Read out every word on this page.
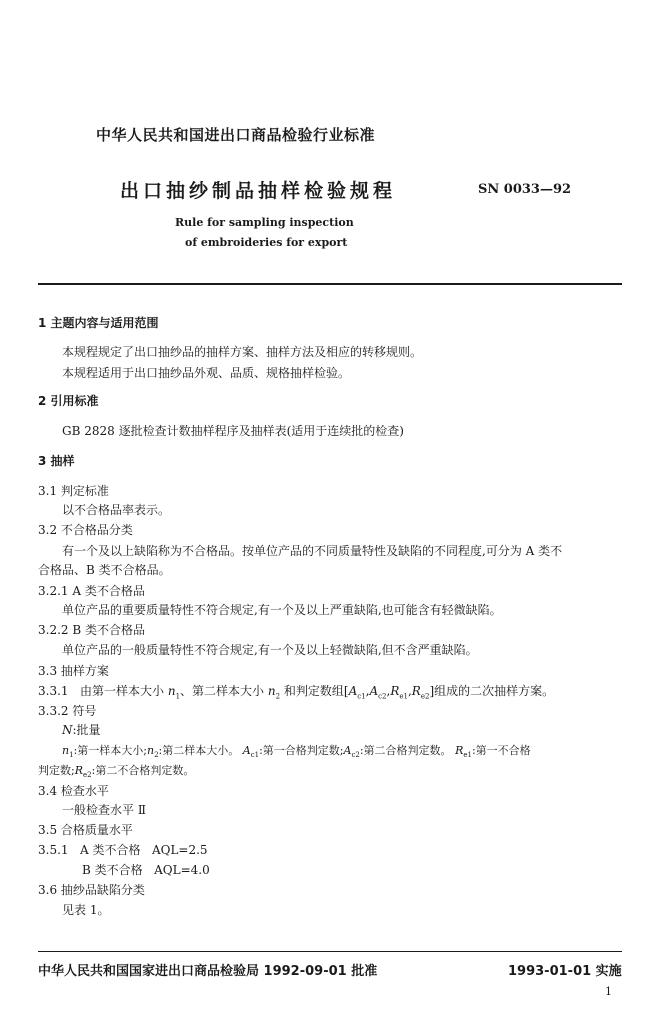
中华人民共和国进出口商品检验行业标准
出口抽纱制品抽样检验规程	SN 0033—92
Rule for sampling inspection
of embroideries for export
1 主题内容与适用范围
本规程规定了出口抽纱品的抽样方案、抽样方法及相应的转移规则。
本规程适用于出口抽纱品外观、品质、规格抽样检验。
2 引用标准
GB 2828 逐批检查计数抽样程序及抽样表(适用于连续批的检查)
3 抽样
3.1 判定标准
以不合格品率表示。
3.2 不合格品分类
有一个及以上缺陷称为不合格品。按单位产品的不同质量特性及缺陷的不同程度,可分为 A 类不
合格品、B 类不合格品。
3.2.1 A 类不合格品
单位产品的重要质量特性不符合规定,有一个及以上严重缺陷,也可能含有轻微缺陷。
3.2.2 B 类不合格品
单位产品的一般质量特性不符合规定,有一个及以上轻微缺陷,但不含严重缺陷。
3.3 抽样方案
3.3.1 由第一样本大小 $n_1$、第二样本大小 $n_2$ 和判定数组$[A_{c1},A_{c2},R_{e1},R_{e2}]$组成的二次抽样方案。
3.3.2 符号
N:批量
$n_1$:第一样本大小$;n_2$:第二样本大小。 $A_{c1}$:第一合格判定数$;A_{c2}$:第二合格判定数。 $R_{e1}$:第一不合格
判定数$;R_{e2}$:第二不合格判定数。
3.4 检查水平
一般检查水平 Ⅱ
3.5 合格质量水平
3.5.1 A 类不合格 AQL=2.5
B 类不合格 AQL=4.0
3.6 抽纱品缺陷分类
见表 1。
中华人民共和国国家进出口商品检验局 1992-09-01 批准	1993-01-01 实施
1
